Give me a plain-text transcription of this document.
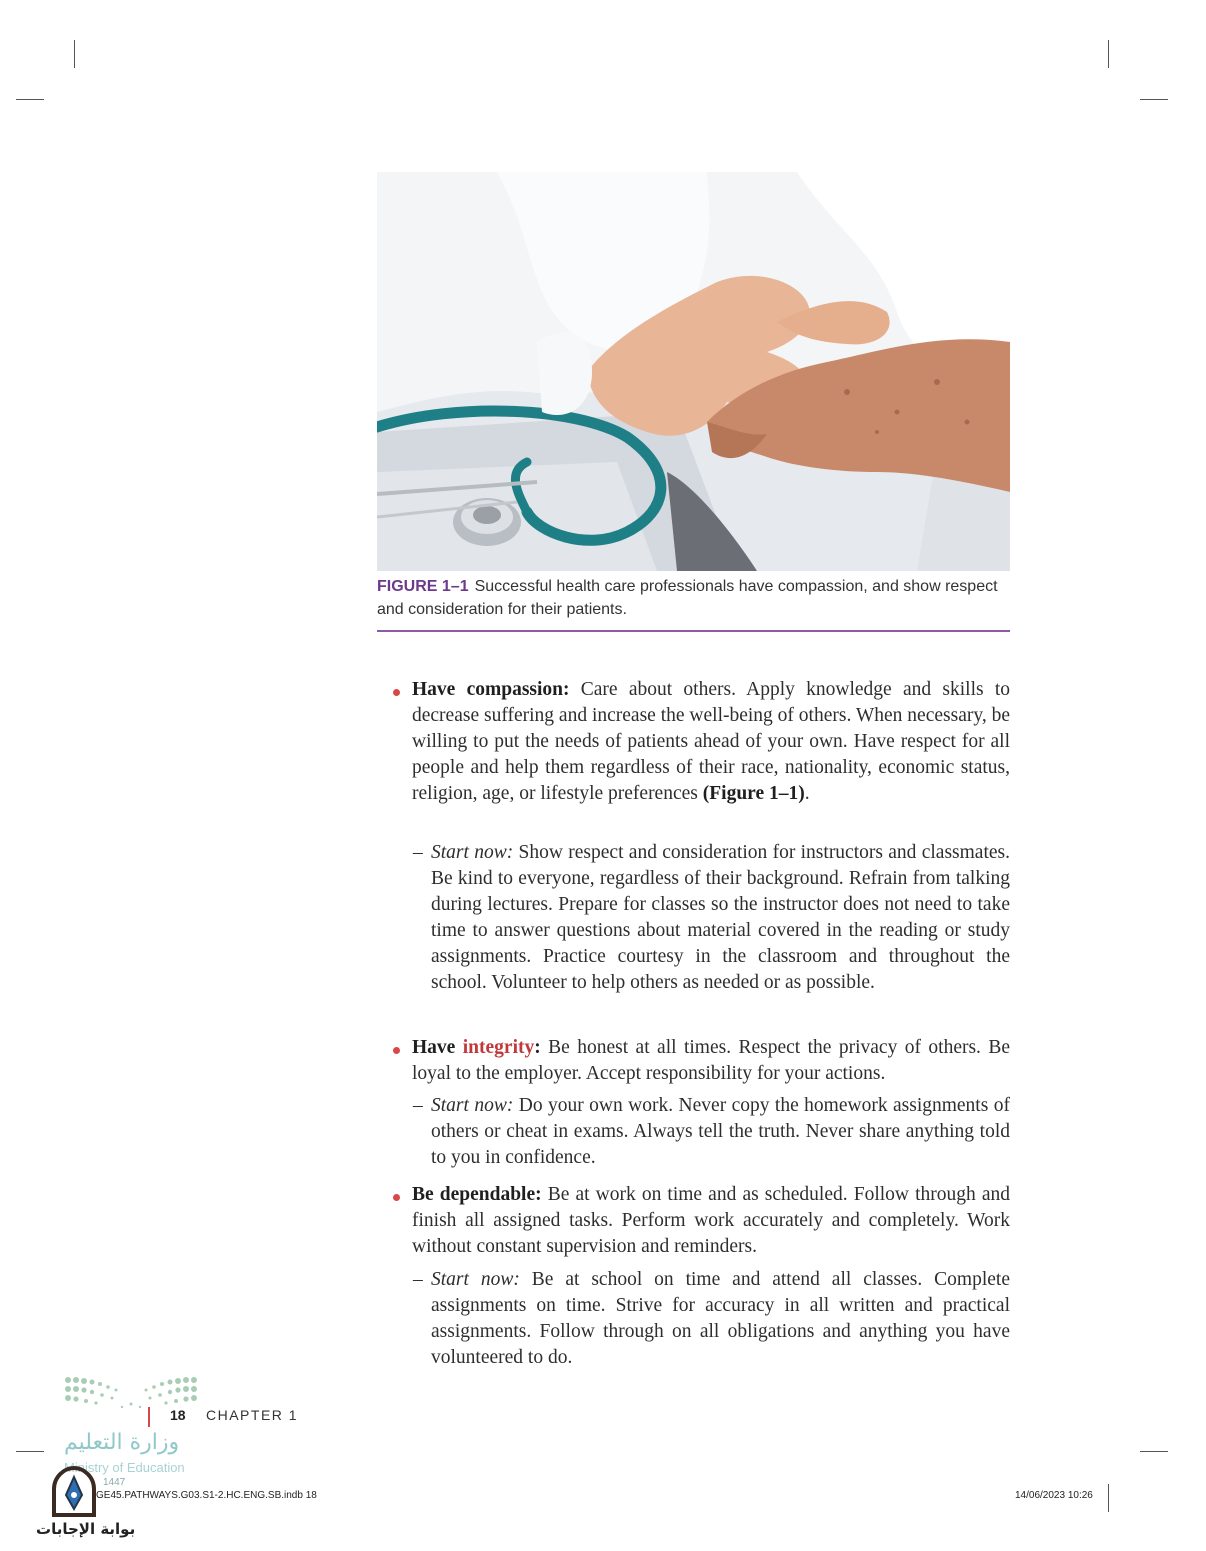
FIGURE 1–1 Successful health care professionals have compassion, and show respect and consideration for their patients.
Have compassion: Care about others. Apply knowledge and skills to decrease suffering and increase the well-being of others. When necessary, be willing to put the needs of patients ahead of your own. Have respect for all people and help them regardless of their race, nationality, economic status, religion, age, or lifestyle preferences (Figure 1–1).
– Start now: Show respect and consideration for instructors and classmates. Be kind to everyone, regardless of their background. Refrain from talking during lectures. Prepare for classes so the instructor does not need to take time to answer questions about material covered in the reading or study assignments. Practice courtesy in the classroom and throughout the school. Volunteer to help others as needed or as possible.
Have integrity: Be honest at all times. Respect the privacy of others. Be loyal to the employer. Accept responsibility for your actions.
– Start now: Do your own work. Never copy the homework assignments of others or cheat in exams. Always tell the truth. Never share anything told to you in confidence.
Be dependable: Be at work on time and as scheduled. Follow through and finish all assigned tasks. Perform work accurately and completely. Work without constant supervision and reminders.
– Start now: Be at school on time and attend all classes. Complete assignments on time. Strive for accuracy in all written and practical assignments. Follow through on all obligations and anything you have volunteered to do.
18 CHAPTER 1
وزارة التعليم
Ministry of Education
1447
GE45.PATHWAYS.G03.S1-2.HC.ENG.SB.indb 18	14/06/2023 10:26
بوابة الإجابات
